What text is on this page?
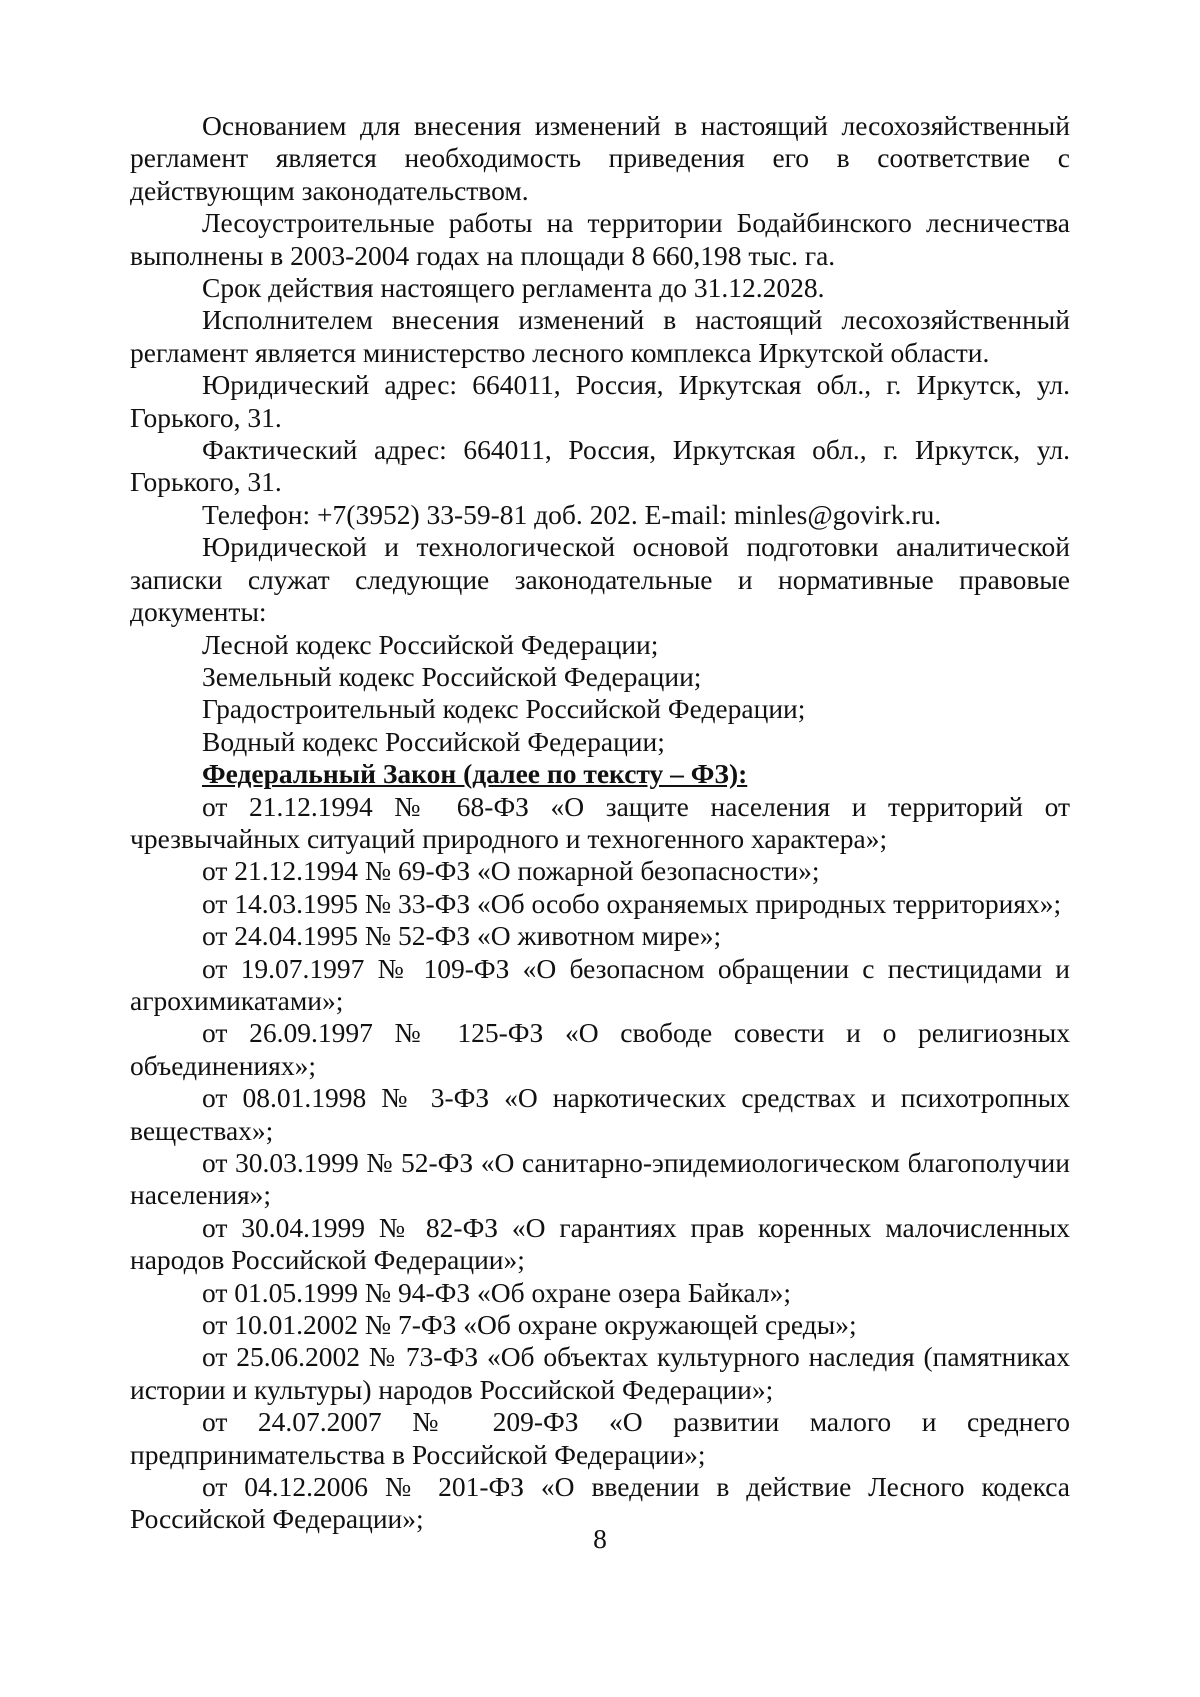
Основанием для внесения изменений в настоящий лесохозяйственный регламент является необходимость приведения его в соответствие с действующим законодательством.

Лесоустроительные работы на территории Бодайбинского лесничества выполнены в 2003-2004 годах на площади 8 660,198 тыс. га.

Срок действия настоящего регламента до 31.12.2028.

Исполнителем внесения изменений в настоящий лесохозяйственный регламент является министерство лесного комплекса Иркутской области.

Юридический адрес: 664011, Россия, Иркутская обл., г. Иркутск, ул. Горького, 31.

Фактический адрес: 664011, Россия, Иркутская обл., г. Иркутск, ул. Горького, 31.

Телефон: +7(3952) 33-59-81 доб. 202. E-mail: minles@govirk.ru.

Юридической и технологической основой подготовки аналитической записки служат следующие законодательные и нормативные правовые документы:

Лесной кодекс Российской Федерации;

Земельный кодекс Российской Федерации;

Градостроительный кодекс Российской Федерации;

Водный кодекс Российской Федерации;

Федеральный Закон (далее по тексту – ФЗ):

от 21.12.1994 № 68-ФЗ «О защите населения и территорий от чрезвычайных ситуаций природного и техногенного характера»;

от 21.12.1994 № 69-ФЗ «О пожарной безопасности»;

от 14.03.1995 № 33-ФЗ «Об особо охраняемых природных территориях»;

от 24.04.1995 № 52-ФЗ «О животном мире»;

от 19.07.1997 № 109-ФЗ «О безопасном обращении с пестицидами и агрохимикатами»;

от 26.09.1997 № 125-ФЗ «О свободе совести и о религиозных объединениях»;

от 08.01.1998 № 3-ФЗ «О наркотических средствах и психотропных веществах»;

от 30.03.1999 № 52-ФЗ «О санитарно-эпидемиологическом благополучии населения»;

от 30.04.1999 № 82-ФЗ «О гарантиях прав коренных малочисленных народов Российской Федерации»;

от 01.05.1999 № 94-ФЗ «Об охране озера Байкал»;

от 10.01.2002 № 7-ФЗ «Об охране окружающей среды»;

от 25.06.2002 № 73-ФЗ «Об объектах культурного наследия (памятниках истории и культуры) народов Российской Федерации»;

от 24.07.2007 № 209-ФЗ «О развитии малого и среднего предпринимательства в Российской Федерации»;

от 04.12.2006 № 201-ФЗ «О введении в действие Лесного кодекса Российской Федерации»;

8
